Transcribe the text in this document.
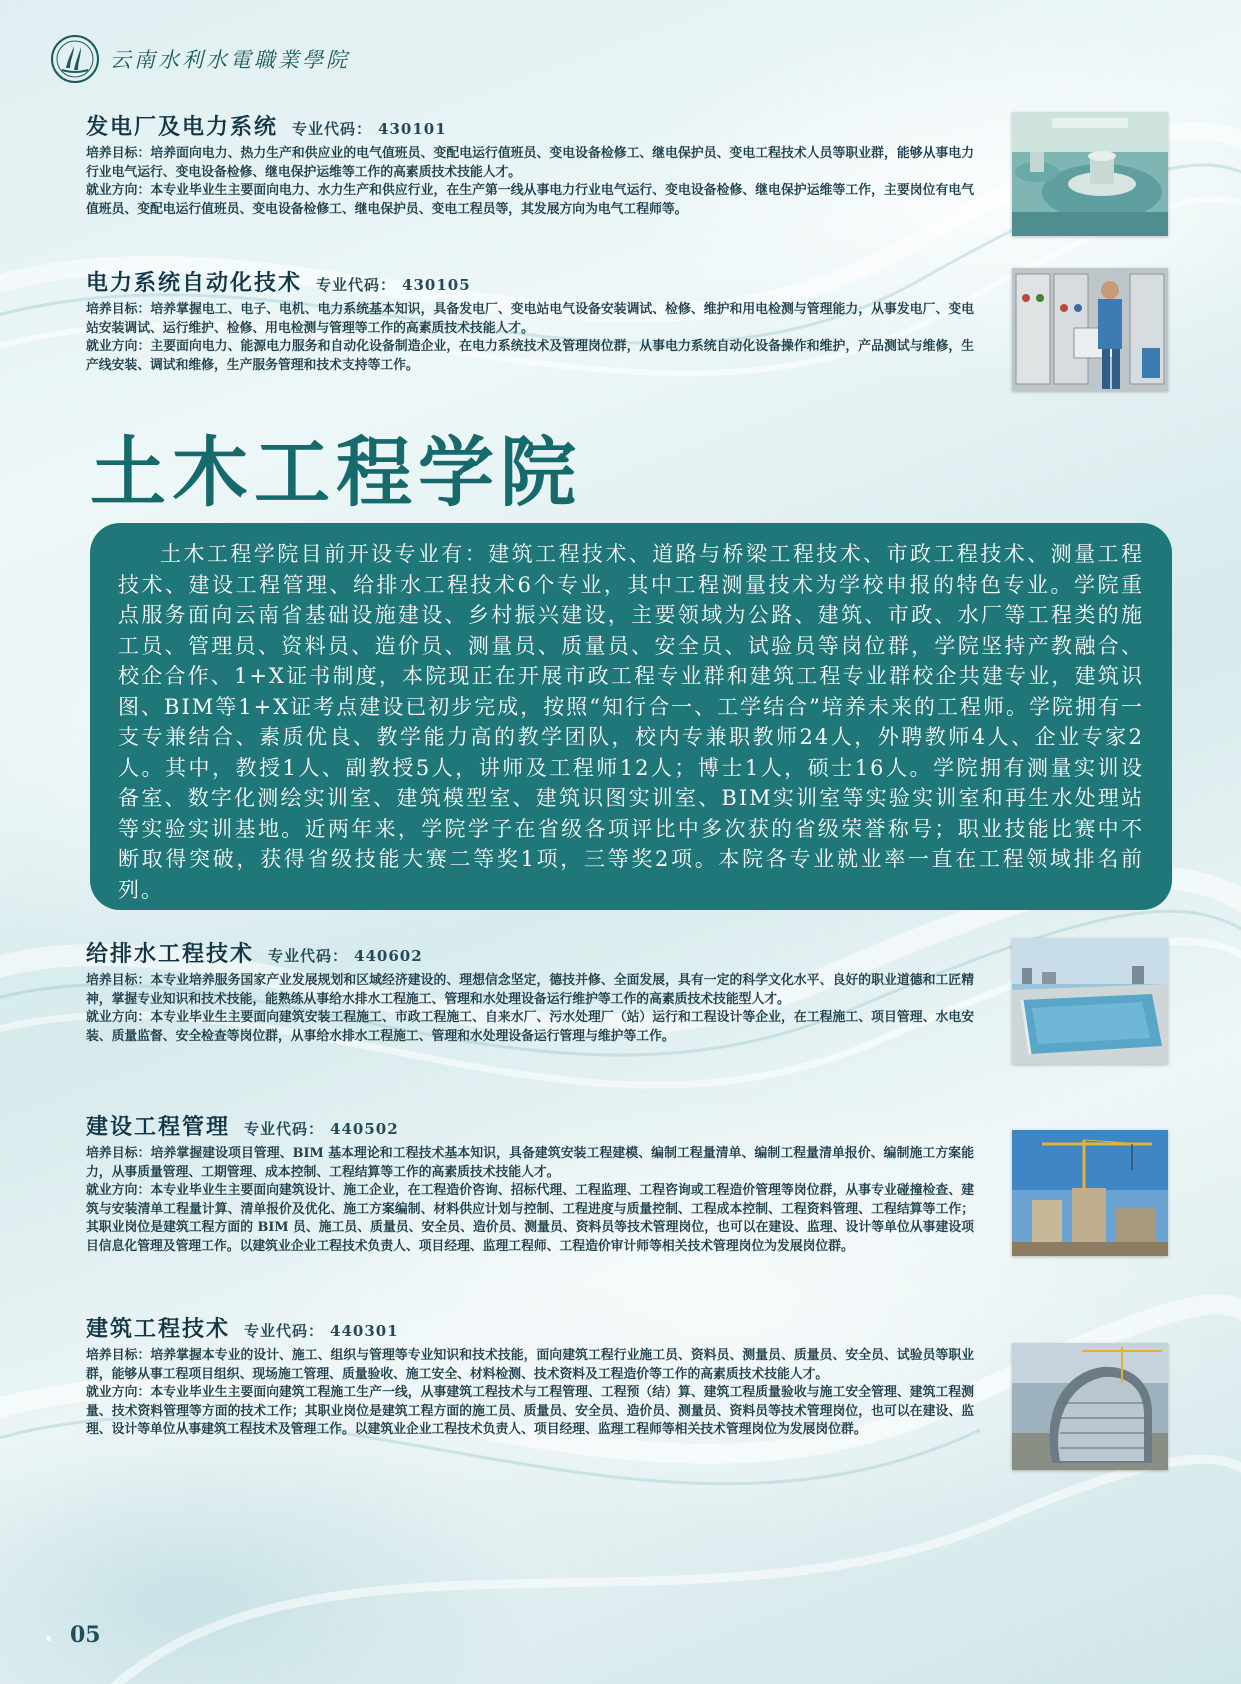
云南水利水電職業學院
发电厂及电力系统 专业代码： 430101

培养目标：培养面向电力、热力生产和供应业的电气值班员、变配电运行值班员、变电设备检修工、继电保护员、变电工程技术人员等职业群，能够从事电力行业电气运行、变电设备检修、继电保护运维等工作的高素质技术技能人才。

就业方向：本专业毕业生主要面向电力、水力生产和供应行业，在生产第一线从事电力行业电气运行、变电设备检修、继电保护运维等工作，主要岗位有电气值班员、变配电运行值班员、变电设备检修工、继电保护员、变电工程员等，其发展方向为电气工程师等。

电力系统自动化技术 专业代码： 430105

培养目标：培养掌握电工、电子、电机、电力系统基本知识，具备发电厂、变电站电气设备安装调试、检修、维护和用电检测与管理能力，从事发电厂、变电站安装调试、运行维护、检修、用电检测与管理等工作的高素质技术技能人才。

就业方向：主要面向电力、能源电力服务和自动化设备制造企业，在电力系统技术及管理岗位群，从事电力系统自动化设备操作和维护，产品测试与维修，生产线安装、调试和维修，生产服务管理和技术支持等工作。

土木工程学院

土木工程学院目前开设专业有：建筑工程技术、道路与桥梁工程技术、市政工程技术、测量工程技术、建设工程管理、给排水工程技术6个专业，其中工程测量技术为学校申报的特色专业。学院重点服务面向云南省基础设施建设、乡村振兴建设，主要领域为公路、建筑、市政、水厂等工程类的施工员、管理员、资料员、造价员、测量员、质量员、安全员、试验员等岗位群，学院坚持产教融合、校企合作、1+X证书制度，本院现正在开展市政工程专业群和建筑工程专业群校企共建专业，建筑识图、BIM等1+X证考点建设已初步完成，按照“知行合一、工学结合”培养未来的工程师。学院拥有一支专兼结合、素质优良、教学能力高的教学团队，校内专兼职教师24人，外聘教师4人、企业专家2人。其中，教授1人、副教授5人，讲师及工程师12人；博士1人，硕士16人。学院拥有测量实训设备室、数字化测绘实训室、建筑模型室、建筑识图实训室、BIM实训室等实验实训室和再生水处理站等实验实训基地。近两年来，学院学子在省级各项评比中多次获的省级荣誉称号；职业技能比赛中不断取得突破，获得省级技能大赛二等奖1项，三等奖2项。本院各专业就业率一直在工程领域排名前列。

给排水工程技术 专业代码： 440602

培养目标：本专业培养服务国家产业发展规划和区域经济建设的、理想信念坚定，德技并修、全面发展，具有一定的科学文化水平、良好的职业道德和工匠精神，掌握专业知识和技术技能，能熟练从事给水排水工程施工、管理和水处理设备运行维护等工作的高素质技术技能型人才。

就业方向：本专业毕业生主要面向建筑安装工程施工、市政工程施工、自来水厂、污水处理厂（站）运行和工程设计等企业，在工程施工、项目管理、水电安装、质量监督、安全检查等岗位群，从事给水排水工程施工、管理和水处理设备运行管理与维护等工作。

建设工程管理 专业代码： 440502

培养目标：培养掌握建设项目管理、BIM 基本理论和工程技术基本知识，具备建筑安装工程建模、编制工程量清单、编制工程量清单报价、编制施工方案能力，从事质量管理、工期管理、成本控制、工程结算等工作的高素质技术技能人才。

就业方向：本专业毕业生主要面向建筑设计、施工企业，在工程造价咨询、招标代理、工程监理、工程咨询或工程造价管理等岗位群，从事专业碰撞检查、建筑与安装清单工程量计算、清单报价及优化、施工方案编制、材料供应计划与控制、工程进度与质量控制、工程成本控制、工程资料管理、工程结算等工作；其职业岗位是建筑工程方面的 BIM 员、施工员、质量员、安全员、造价员、测量员、资料员等技术管理岗位，也可以在建设、监理、设计等单位从事建设项目信息化管理及管理工作。以建筑业企业工程技术负责人、项目经理、监理工程师、工程造价审计师等相关技术管理岗位为发展岗位群。

建筑工程技术 专业代码： 440301

培养目标：培养掌握本专业的设计、施工、组织与管理等专业知识和技术技能，面向建筑工程行业施工员、资料员、测量员、质量员、安全员、试验员等职业群，能够从事工程项目组织、现场施工管理、质量验收、施工安全、材料检测、技术资料及工程造价等工作的高素质技术技能人才。

就业方向：本专业毕业生主要面向建筑工程施工生产一线，从事建筑工程技术与工程管理、工程预（结）算、建筑工程质量验收与施工安全管理、建筑工程测量、技术资料管理等方面的技术工作；其职业岗位是建筑工程方面的施工员、质量员、安全员、造价员、测量员、资料员等技术管理岗位，也可以在建设、监理、设计等单位从事建筑工程技术及管理工作。以建筑业企业工程技术负责人、项目经理、监理工程师等相关技术管理岗位为发展岗位群。

05
